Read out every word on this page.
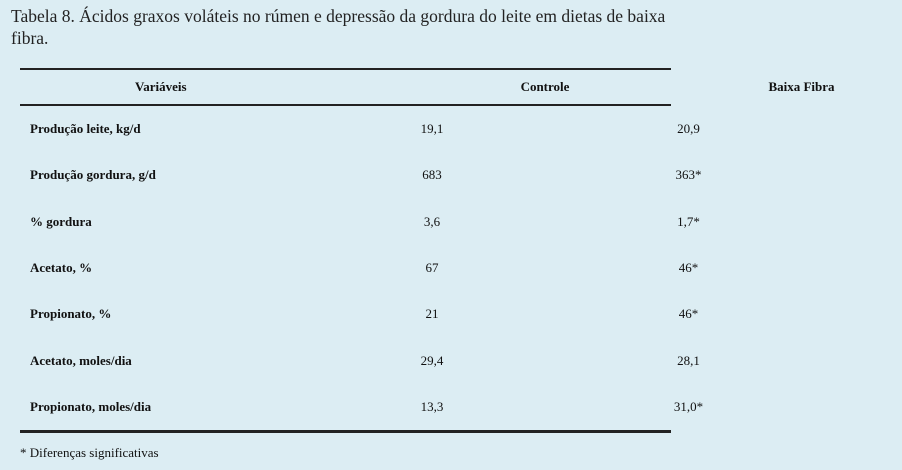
Tabela 8. Ácidos graxos voláteis no rúmen e depressão da gordura do leite em dietas de baixa fibra.
Variáveis	Controle	Baixa Fibra
Produção leite, kg/d	19,1	20,9
Produção gordura, g/d	683	363*
% gordura	3,6	1,7*
Acetato, %	67	46*
Propionato, %	21	46*
Acetato, moles/dia	29,4	28,1
Propionato, moles/dia	13,3	31,0*
* Diferenças significativas
